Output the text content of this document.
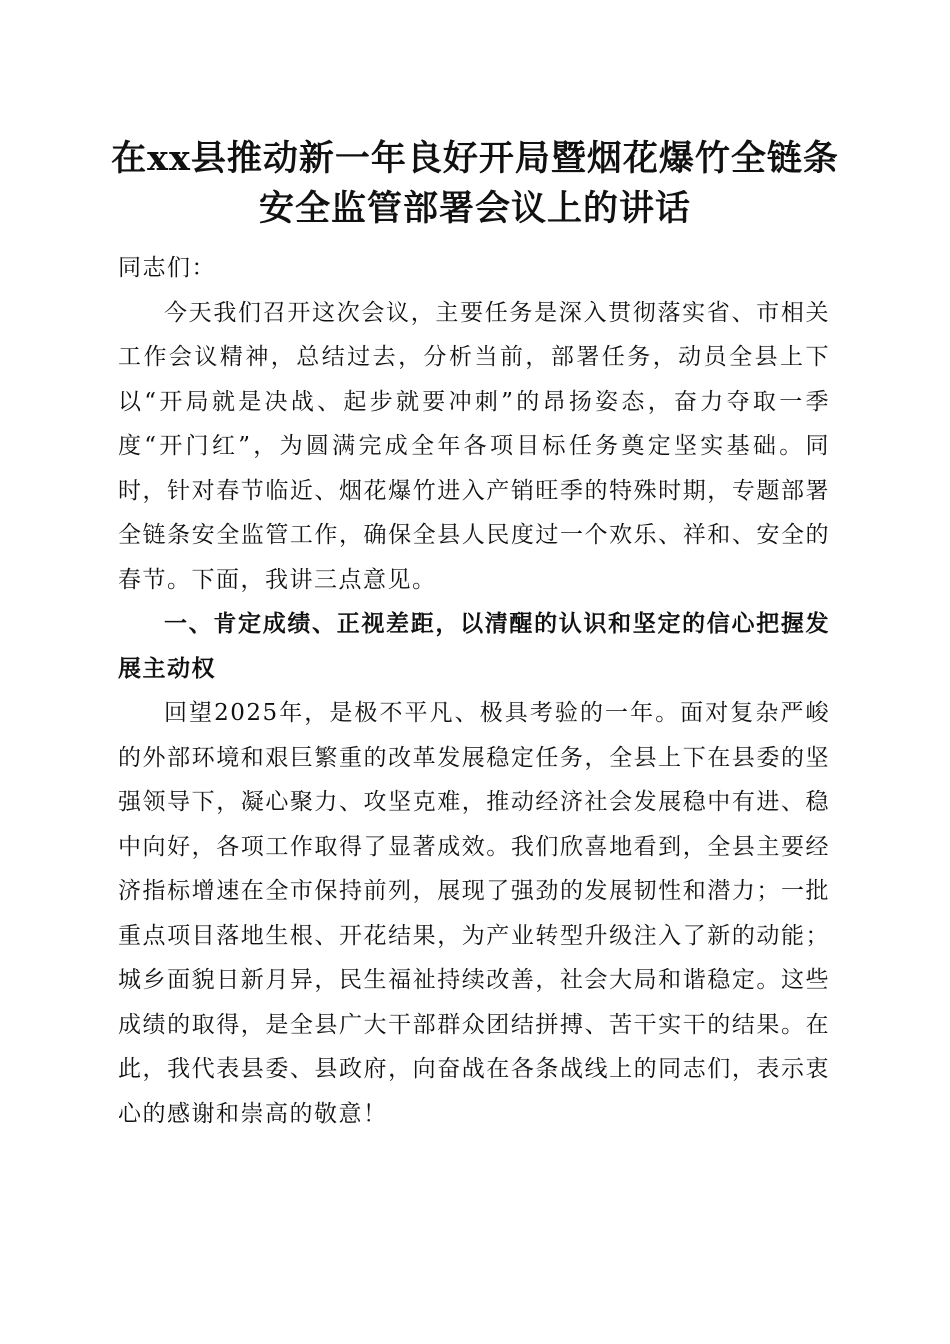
在xx县推动新一年良好开局暨烟花爆竹全链条安全监管部署会议上的讲话

同志们：

今天我们召开这次会议，主要任务是深入贯彻落实省、市相关工作会议精神，总结过去，分析当前，部署任务，动员全县上下以“开局就是决战、起步就要冲刺”的昂扬姿态，奋力夺取一季度“开门红”，为圆满完成全年各项目标任务奠定坚实基础。同时，针对春节临近、烟花爆竹进入产销旺季的特殊时期，专题部署全链条安全监管工作，确保全县人民度过一个欢乐、祥和、安全的春节。下面，我讲三点意见。

一、肯定成绩、正视差距，以清醒的认识和坚定的信心把握发展主动权

回望2025年，是极不平凡、极具考验的一年。面对复杂严峻的外部环境和艰巨繁重的改革发展稳定任务，全县上下在县委的坚强领导下，凝心聚力、攻坚克难，推动经济社会发展稳中有进、稳中向好，各项工作取得了显著成效。我们欣喜地看到，全县主要经济指标增速在全市保持前列，展现了强劲的发展韧性和潜力；一批重点项目落地生根、开花结果，为产业转型升级注入了新的动能；城乡面貌日新月异，民生福祉持续改善，社会大局和谐稳定。这些成绩的取得，是全县广大干部群众团结拼搏、苦干实干的结果。在此，我代表县委、县政府，向奋战在各条战线上的同志们，表示衷心的感谢和崇高的敬意！
